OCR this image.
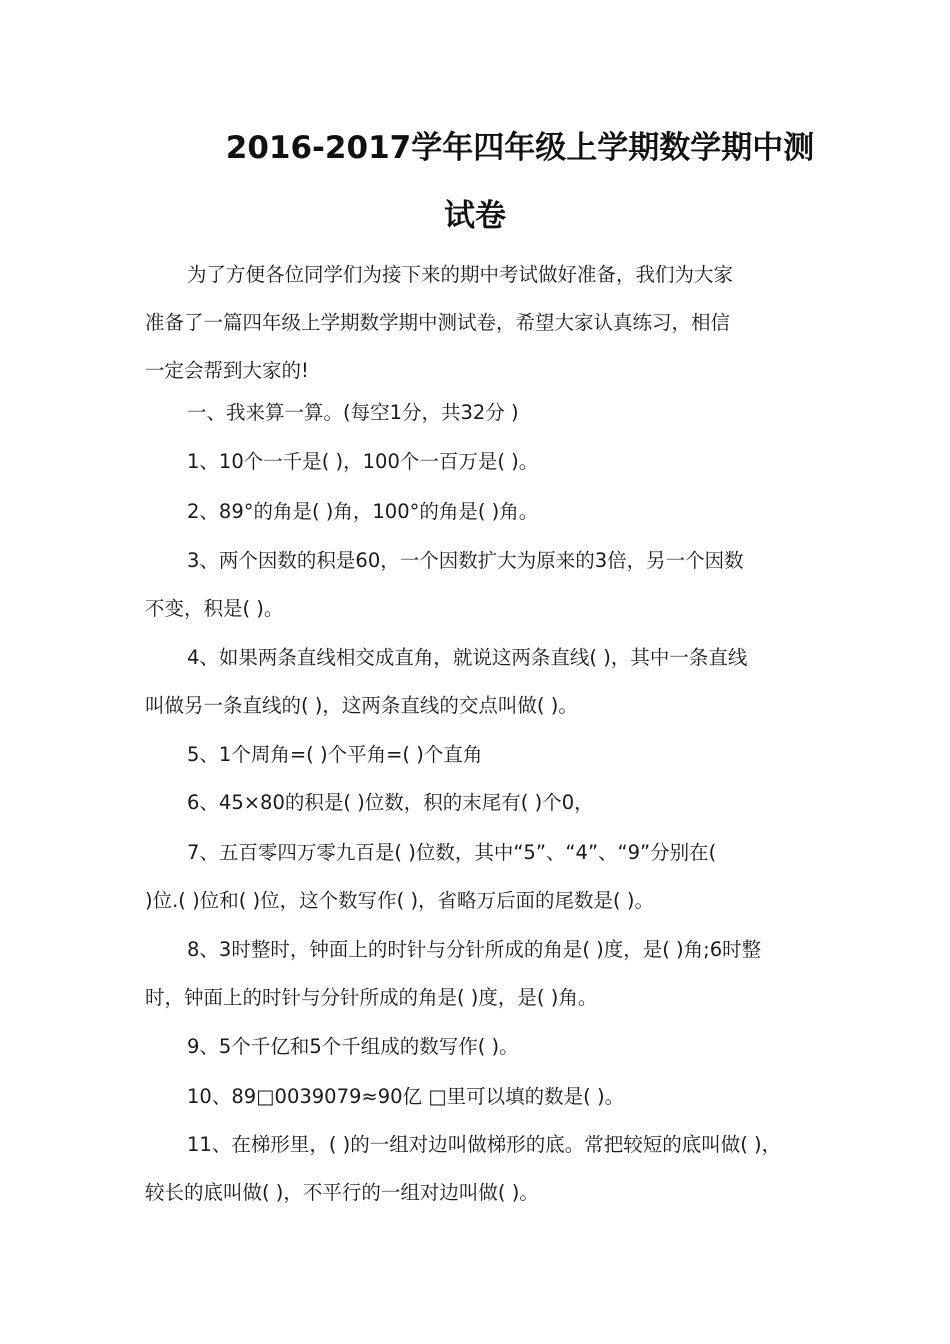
2016-2017学年四年级上学期数学期中测
试卷
为了方便各位同学们为接下来的期中考试做好准备，我们为大家
准备了一篇四年级上学期数学期中测试卷，希望大家认真练习，相信
一定会帮到大家的!
一、我来算一算。(每空1分，共32分 )
1、10个一千是( )，100个一百万是( )。
2、89°的角是( )角，100°的角是( )角。
3、两个因数的积是60，一个因数扩大为原来的3倍，另一个因数
不变，积是( )。
4、如果两条直线相交成直角，就说这两条直线( )，其中一条直线
叫做另一条直线的( )，这两条直线的交点叫做( )。
5、1个周角=( )个平角=( )个直角
6、45×80的积是( )位数，积的末尾有( )个0，
7、五百零四万零九百是( )位数，其中“5”、“4”、“9”分别在(
)位.( )位和( )位，这个数写作( )，省略万后面的尾数是( )。
8、3时整时，钟面上的时针与分针所成的角是( )度，是( )角;6时整
时，钟面上的时针与分针所成的角是( )度，是( )角。
9、5个千亿和5个千组成的数写作( )。
10、89□0039079≈90亿 □里可以填的数是( )。
11、在梯形里，( )的一组对边叫做梯形的底。常把较短的底叫做( )，
较长的底叫做( )，不平行的一组对边叫做( )。
